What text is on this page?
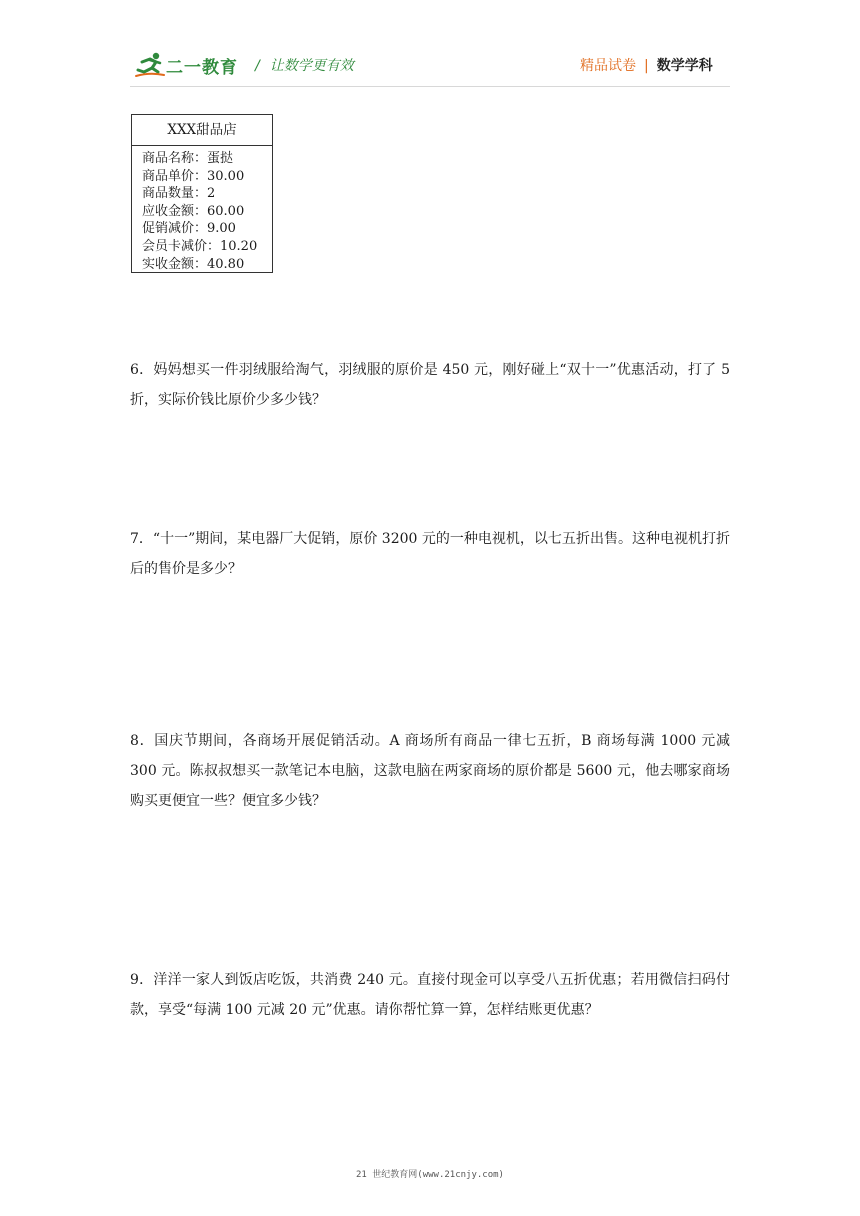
二一教育 / 让数学更有效	精品试卷 | 数学学科
XXX甜品店
商品名称：蛋挞
商品单价：30.00
商品数量：2
应收金额：60.00
促销减价：9.00
会员卡减价：10.20
实收金额：40.80

6．妈妈想买一件羽绒服给淘气，羽绒服的原价是 450 元，刚好碰上“双十一”优惠活动，打了 5 折，实际价钱比原价少多少钱？

7．“十一”期间，某电器厂大促销，原价 3200 元的一种电视机，以七五折出售。这种电视机打折后的售价是多少？

8．国庆节期间，各商场开展促销活动。A 商场所有商品一律七五折，B 商场每满 1000 元减 300 元。陈叔叔想买一款笔记本电脑，这款电脑在两家商场的原价都是 5600 元，他去哪家商场购买更便宜一些？便宜多少钱？

9．洋洋一家人到饭店吃饭，共消费 240 元。直接付现金可以享受八五折优惠；若用微信扫码付款，享受“每满 100 元减 20 元”优惠。请你帮忙算一算，怎样结账更优惠？

21 世纪教育网(www.21cnjy.com)
